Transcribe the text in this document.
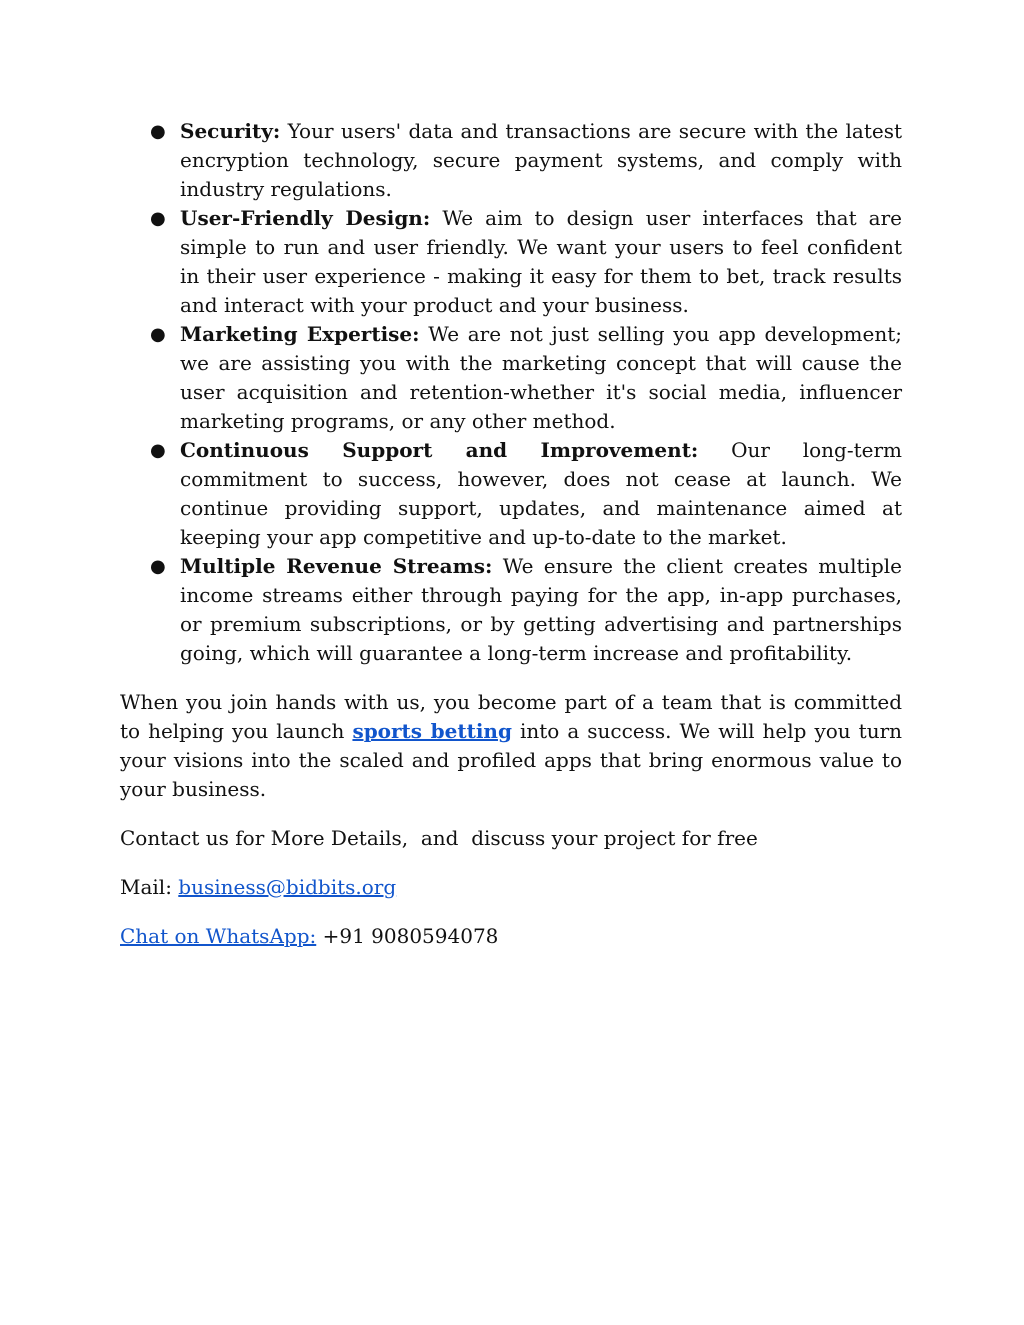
● Security: Your users' data and transactions are secure with the latest encryption technology, secure payment systems, and comply with industry regulations.
● User-Friendly Design: We aim to design user interfaces that are simple to run and user friendly. We want your users to feel confident in their user experience - making it easy for them to bet, track results and interact with your product and your business.
● Marketing Expertise: We are not just selling you app development; we are assisting you with the marketing concept that will cause the user acquisition and retention-whether it's social media, influencer marketing programs, or any other method.
● Continuous Support and Improvement: Our long-term commitment to success, however, does not cease at launch. We continue providing support, updates, and maintenance aimed at keeping your app competitive and up-to-date to the market.
● Multiple Revenue Streams: We ensure the client creates multiple income streams either through paying for the app, in-app purchases, or premium subscriptions, or by getting advertising and partnerships going, which will guarantee a long-term increase and profitability.

When you join hands with us, you become part of a team that is committed to helping you launch sports betting into a success. We will help you turn your visions into the scaled and profiled apps that bring enormous value to your business.

Contact us for More Details,  and  discuss your project for free

Mail: business@bidbits.org

Chat on WhatsApp: +91 9080594078
